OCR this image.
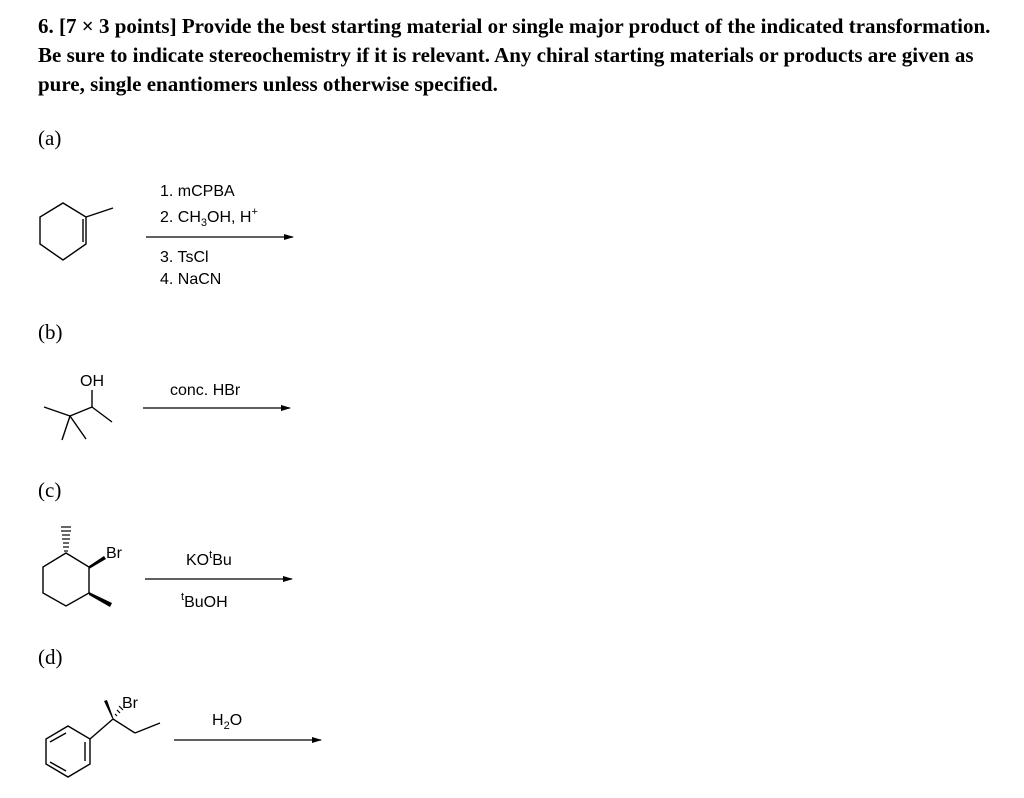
6. [7 × 3 points] Provide the best starting material or single major product of the indicated transformation. Be sure to indicate stereochemistry if it is relevant. Any chiral starting materials or products are given as pure, single enantiomers unless otherwise specified.
(a)
(b)
(c)
(d)
1. mCPBA
2. $CH_3OH$, H+
3. TsCl
4. NaCN
OH
conc. HBr
Br	$KO^tBu$
$^t$BuOH
Br
$H_2O$
